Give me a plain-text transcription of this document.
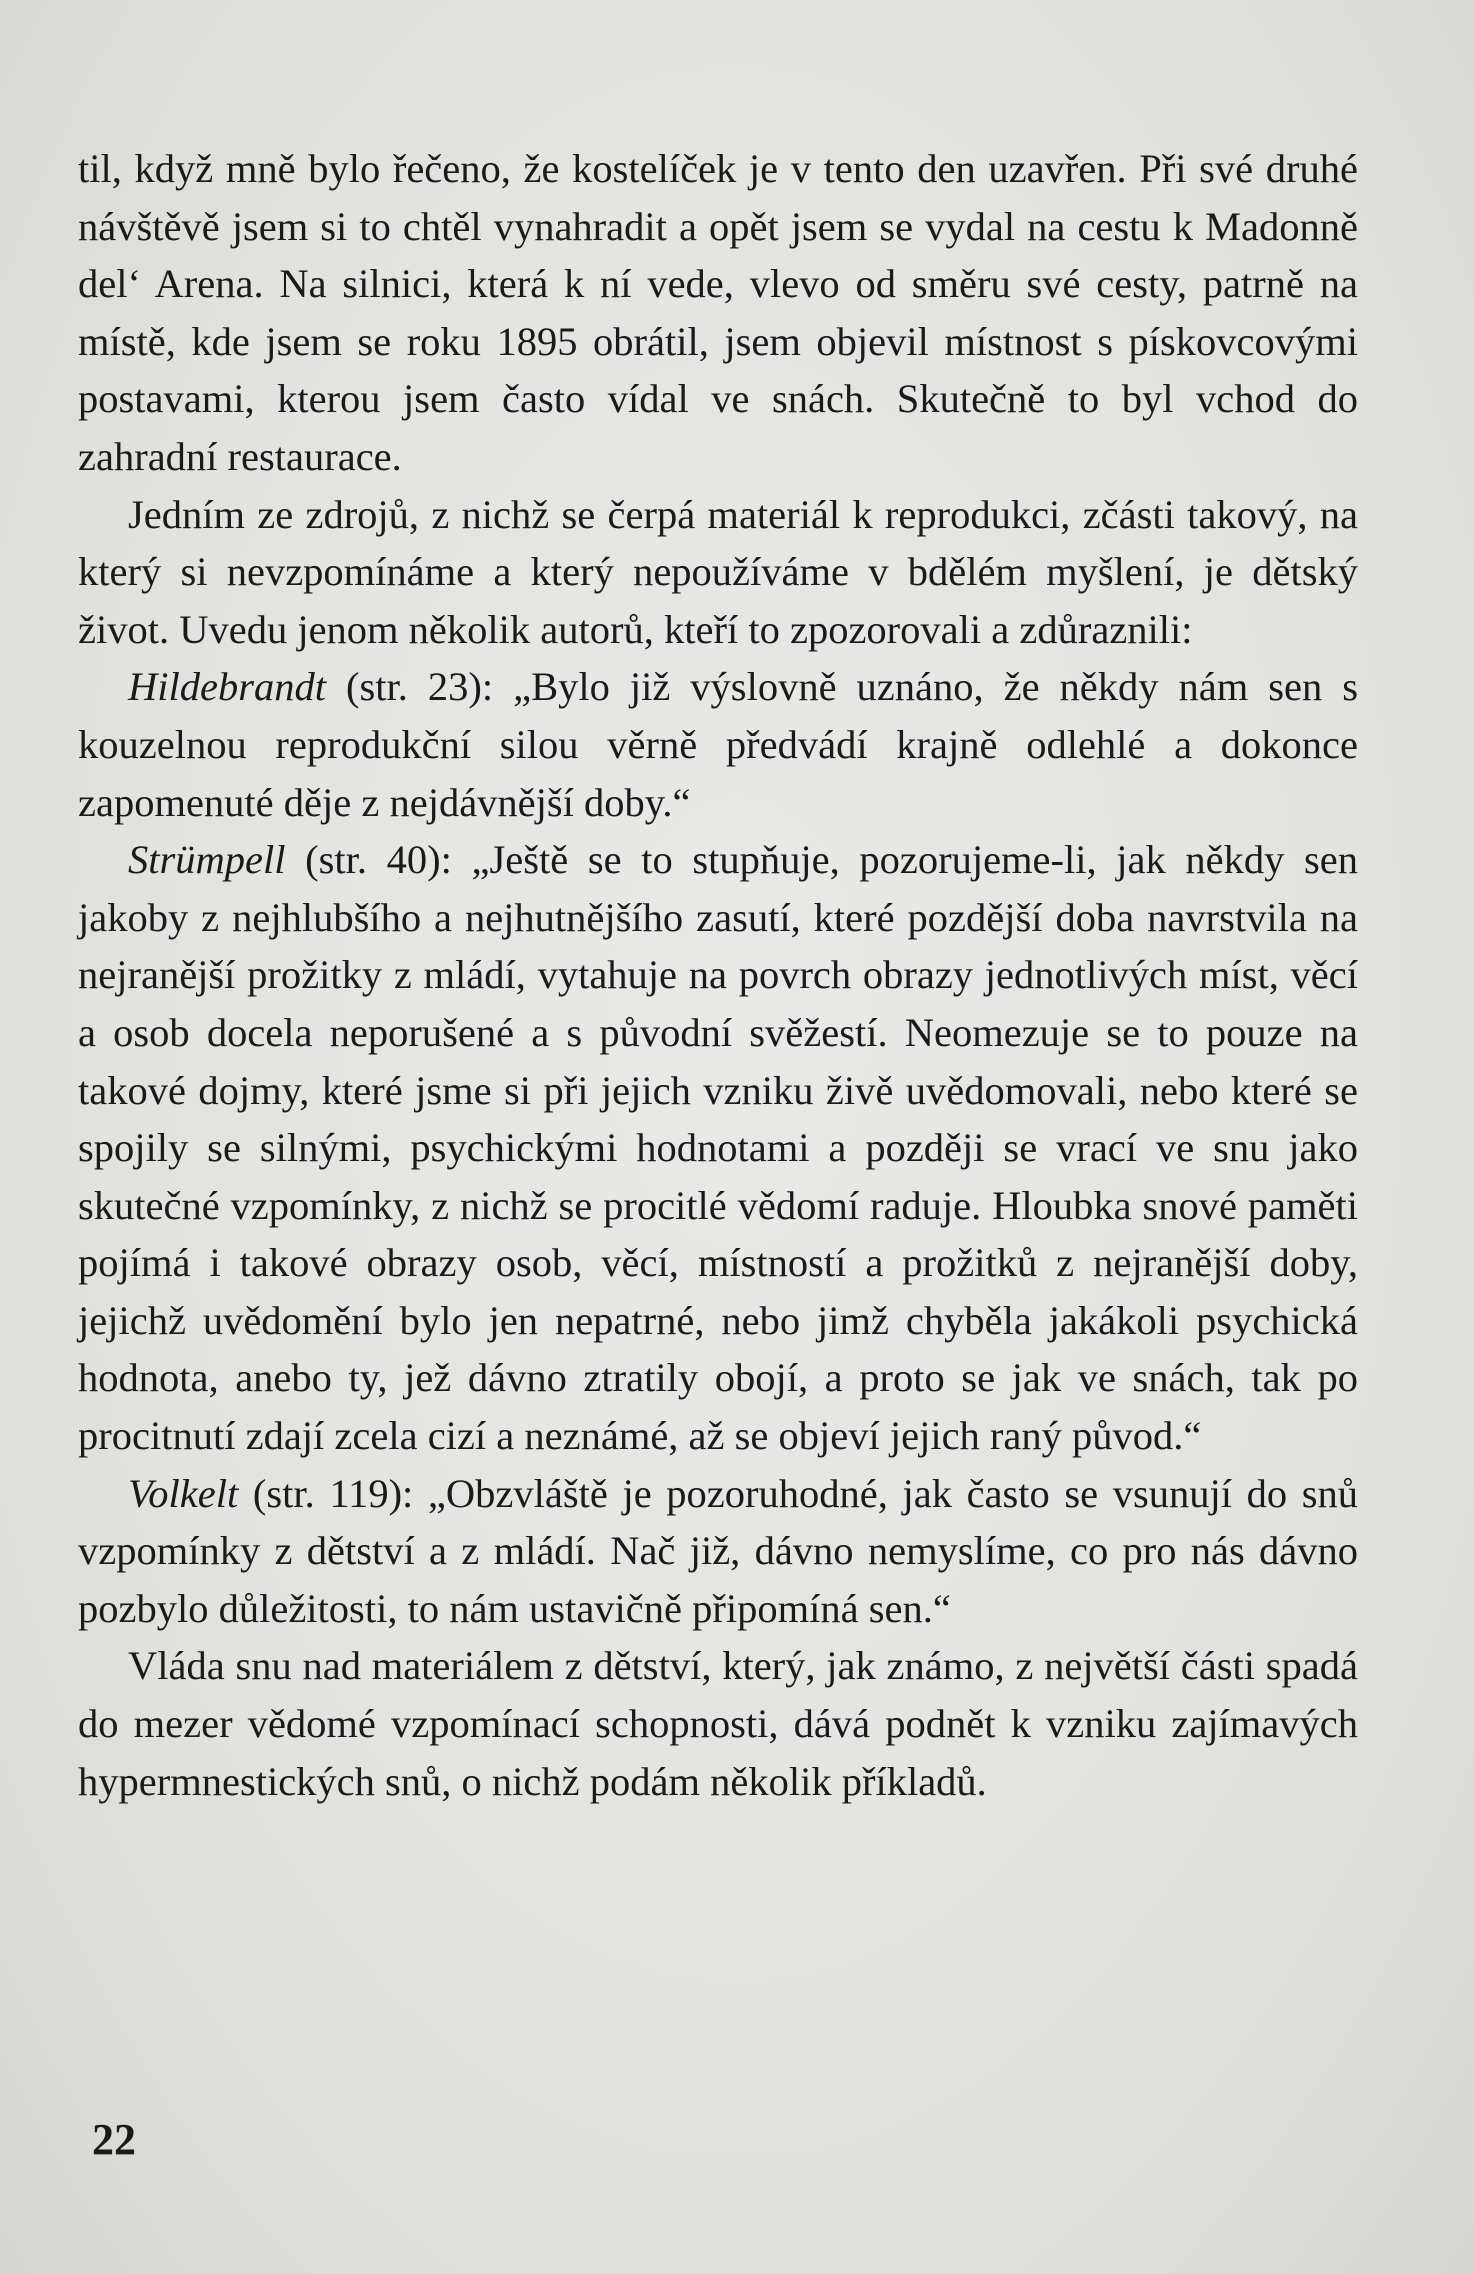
til, když mně bylo řečeno, že kostelíček je v tento den uzavřen. Při své druhé návštěvě jsem si to chtěl vynahradit a opět jsem se vydal na cestu k Madonně del‘ Arena. Na silnici, která k ní vede, vlevo od směru své cesty, patrně na místě, kde jsem se roku 1895 obrátil, jsem objevil místnost s pískovcovými postavami, kterou jsem často vídal ve snách. Skutečně to byl vchod do zahradní restaurace.

Jedním ze zdrojů, z nichž se čerpá materiál k reprodukci, zčásti takový, na který si nevzpomínáme a který nepoužíváme v bdělém myšlení, je dětský život. Uvedu jenom několik autorů, kteří to zpozorovali a zdůraznili:

Hildebrandt (str. 23): „Bylo již výslovně uznáno, že někdy nám sen s kouzelnou reprodukční silou věrně předvádí krajně odlehlé a dokonce zapomenuté děje z nejdávnější doby.“

Strümpell (str. 40): „Ještě se to stupňuje, pozorujeme-li, jak někdy sen jakoby z nejhlubšího a nejhutnějšího zasutí, které pozdější doba navrstvila na nejranější prožitky z mládí, vytahuje na povrch obrazy jednotlivých míst, věcí a osob docela neporušené a s původní svěžestí. Neomezuje se to pouze na takové dojmy, které jsme si při jejich vzniku živě uvědomovali, nebo které se spojily se silnými, psychickými hodnotami a později se vrací ve snu jako skutečné vzpomínky, z nichž se procitlé vědomí raduje. Hloubka snové paměti pojímá i takové obrazy osob, věcí, místností a prožitků z nejranější doby, jejichž uvědomění bylo jen nepatrné, nebo jimž chyběla jakákoli psychická hodnota, anebo ty, jež dávno ztratily obojí, a proto se jak ve snách, tak po procitnutí zdají zcela cizí a neznámé, až se objeví jejich raný původ.“

Volkelt (str. 119): „Obzvláště je pozoruhodné, jak často se vsunují do snů vzpomínky z dětství a z mládí. Nač již, dávno nemyslíme, co pro nás dávno pozbylo důležitosti, to nám ustavičně připomíná sen.“

Vláda snu nad materiálem z dětství, který, jak známo, z největší části spadá do mezer vědomé vzpomínací schopnosti, dává podnět k vzniku zajímavých hypermnestických snů, o nichž podám několik příkladů.

22
